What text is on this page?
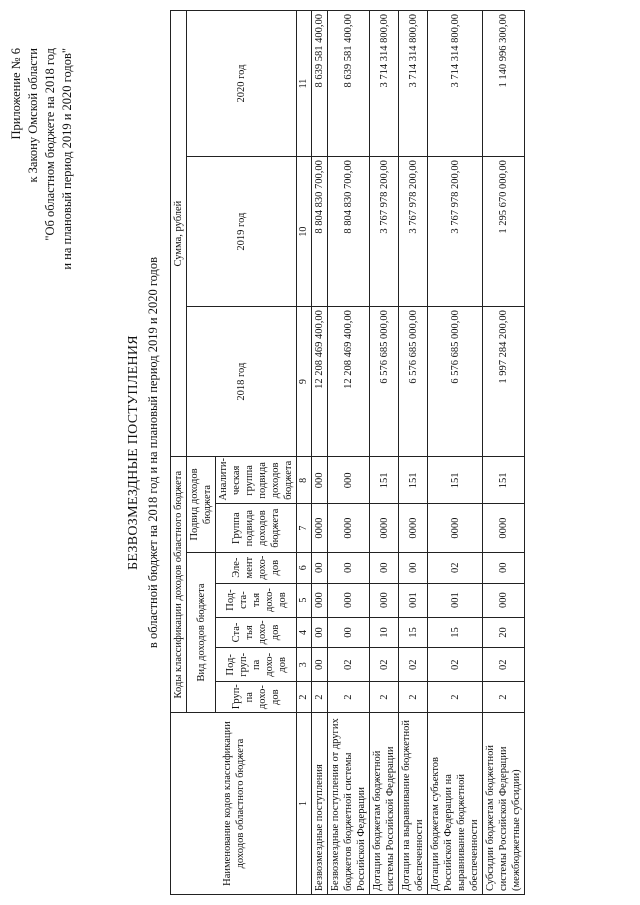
Приложение № 6 к Закону Омской области "Об областном бюджете на 2018 год и на плановый период 2019 и 2020 годов"
БЕЗВОЗМЕЗДНЫЕ ПОСТУПЛЕНИЯ в областной бюджет на 2018 год и на плановый период 2019 и 2020 годов
Наименование кодов классификации доходов областного бюджета	Коды классификации доходов областного бюджета							Сумма, рублей		
	Вид доходов бюджета					Подвид доходов бюджета		2018 год	2019 год	2020 год
	Груп-па дохо-дов	Под-груп-па дохо-дов	Ста-тья дохо-дов	Под-ста-тья дохо-дов	Эле-мент дохо-дов	Группа подвида доходов бюджета	Аналити-ческая группа подвида доходов бюджета			
1	2	3	4	5	6	7	8	9	10	11
Безвозмездные поступления	2	00	00	000	00	0000	000	12 208 469 400,00	8 804 830 700,00	8 639 581 400,00
Безвозмездные поступления от других бюджетов бюджетной системы Российской Федерации	2	02	00	000	00	0000	000	12 208 469 400,00	8 804 830 700,00	8 639 581 400,00
Дотации бюджетам бюджетной системы Российской Федерации	2	02	10	000	00	0000	151	6 576 685 000,00	3 767 978 200,00	3 714 314 800,00
Дотации на выравнивание бюджетной обеспеченности	2	02	15	001	00	0000	151	6 576 685 000,00	3 767 978 200,00	3 714 314 800,00
Дотации бюджетам субъектов Российской Федерации на выравнивание бюджетной обеспеченности	2	02	15	001	02	0000	151	6 576 685 000,00	3 767 978 200,00	3 714 314 800,00
Субсидии бюджетам бюджетной системы Российской Федерации (межбюджетные субсидии)	2	02	20	000	00	0000	151	1 997 284 200,00	1 295 670 000,00	1 140 996 300,00
